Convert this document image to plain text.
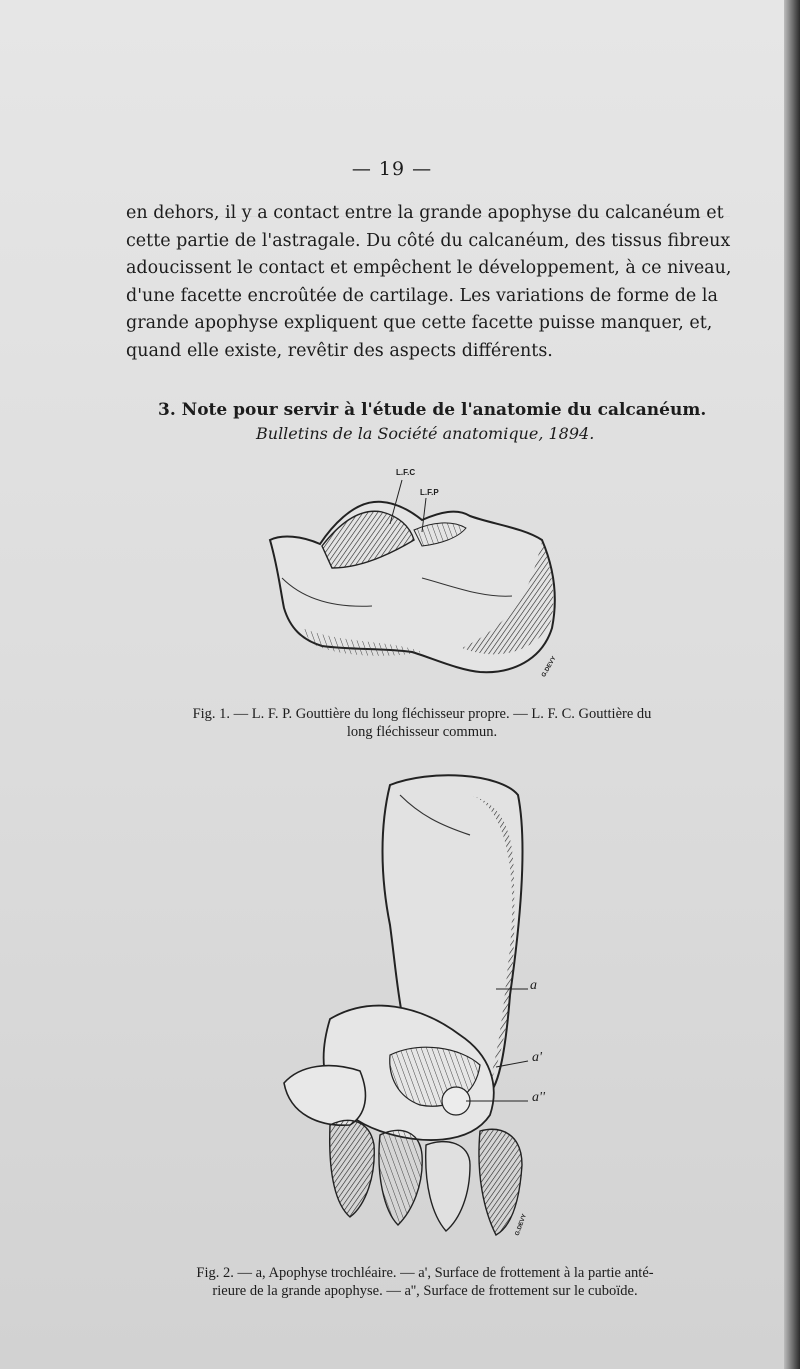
— 19 —
en dehors, il y a contact entre la grande apophyse du calcanéum et
cette partie de l'astragale. Du côté du calcanéum, des tissus fibreux
adoucissent le contact et empêchent le développement, à ce niveau,
d'une facette encroûtée de cartilage. Les variations de forme de la
grande apophyse expliquent que cette facette puisse manquer, et,
quand elle existe, revêtir des aspects différents.
3. Note pour servir à l'étude de l'anatomie du calcanéum.
Bulletins de la Société anatomique, 1894.
L.F.C
L.F.P
G.DEVY
Fig. 1. — L. F. P. Gouttière du long fléchisseur propre. — L. F. C. Gouttière du
long fléchisseur commun.
a
a'
a''
G.DEVY
Fig. 2. — a, Apophyse trochléaire. — a', Surface de frottement à la partie anté-
rieure de la grande apophyse. — a'', Surface de frottement sur le cuboïde.
